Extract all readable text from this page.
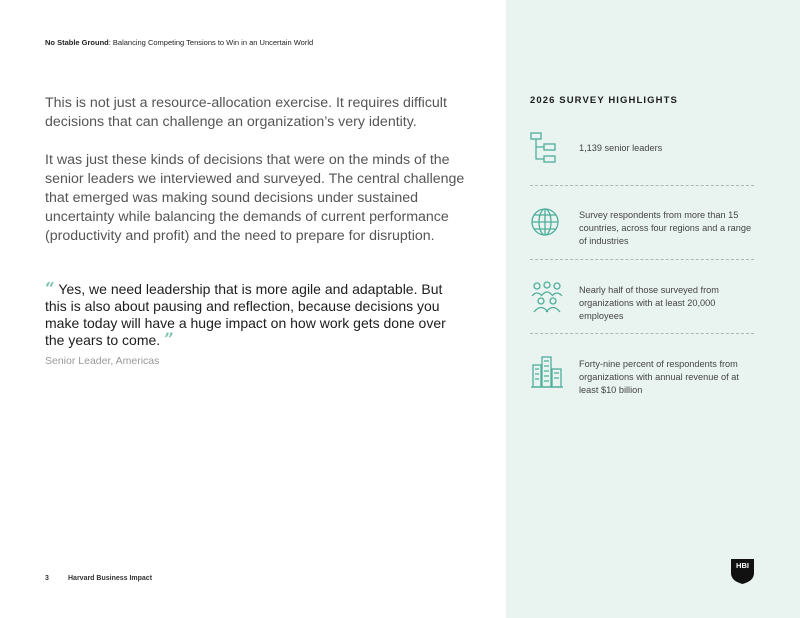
No Stable Ground: Balancing Competing Tensions to Win in an Uncertain World
This is not just a resource-allocation exercise. It requires difficult decisions that can challenge an organization’s very identity.
It was just these kinds of decisions that were on the minds of the senior leaders we interviewed and surveyed. The central challenge that emerged was making sound decisions under sustained uncertainty while balancing the demands of current performance (productivity and profit) and the need to prepare for disruption.
“ Yes, we need leadership that is more agile and adaptable. But this is also about pausing and reflection, because decisions you make today will have a huge impact on how work gets done over the years to come. ”
Senior Leader, Americas
3	Harvard Business Impact
2026 SURVEY HIGHLIGHTS
1,139 senior leaders
Survey respondents from more than 15 countries, across four regions and a range of industries
Nearly half of those surveyed from organizations with at least 20,000 employees
Forty-nine percent of respondents from organizations with annual revenue of at least $10 billion
HBI
